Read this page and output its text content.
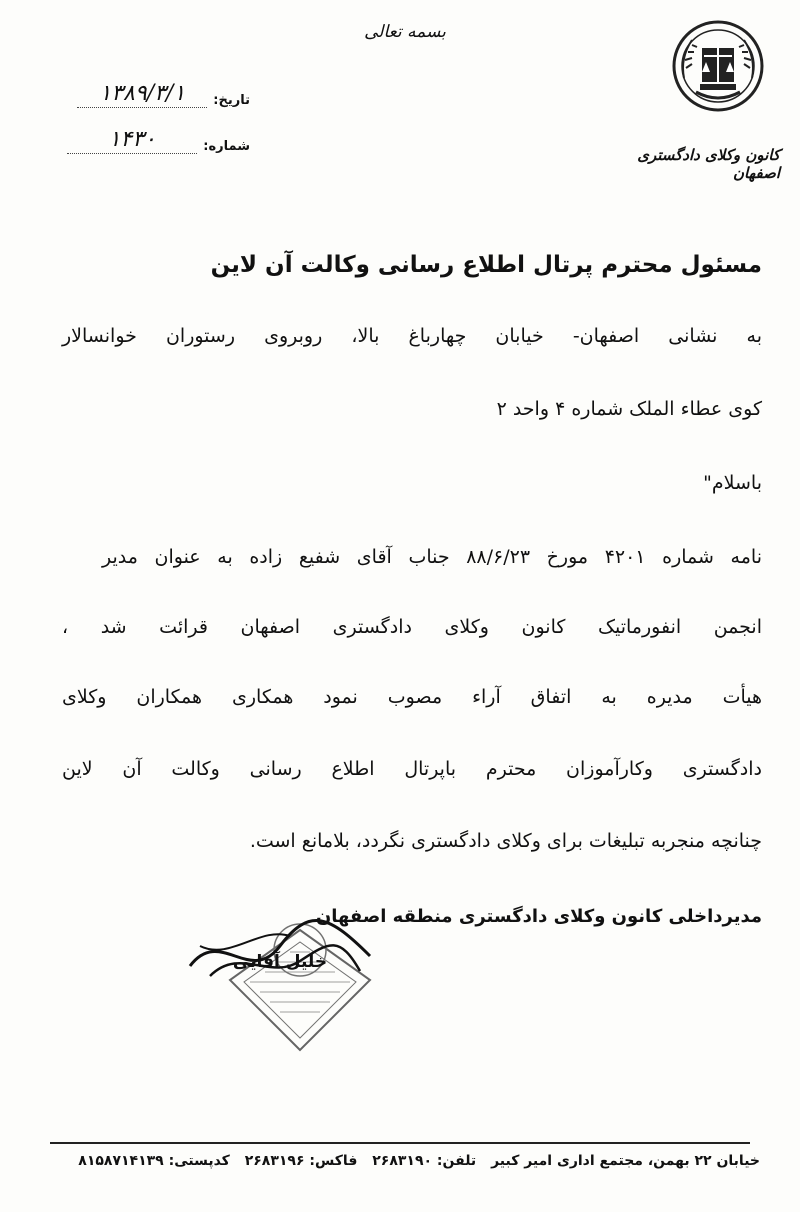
بسمه تعالی
کانون وکلای دادگستری اصفهان
تاریخ:
۱۳۸۹/۳/۱
شماره:
۱۴۳۰
مسئول محترم پرتال اطلاع رسانی وکالت آن لاین
به نشانی اصفهان- خیابان چهارباغ بالا، روبروی رستوران خوانسالار
کوی عطاء الملک شماره ۴ واحد ۲
باسلام"
نامه شماره ۴۲۰۱ مورخ ۸۸/۶/۲۳ جناب آقای شفیع زاده به عنوان مدیر
انجمن انفورماتیک کانون وکلای دادگستری اصفهان قرائت شد ،
هیأت مدیره به اتفاق آراء مصوب نمود همکاری همکاران وکلای
دادگستری وکارآموزان محترم باپرتال اطلاع رسانی وکالت آن لاین
چنانچه منجربه تبلیغات برای وکلای دادگستری نگردد، بلامانع است.
مدیرداخلی کانون وکلای دادگستری منطقه اصفهان
خلیل آقایی
خیابان ۲۲ بهمن، مجتمع اداری امیر کبیر تلفن: ۲۶۸۳۱۹۰ فاکس: ۲۶۸۳۱۹۶ کدپستی: ۸۱۵۸۷۱۴۱۳۹
